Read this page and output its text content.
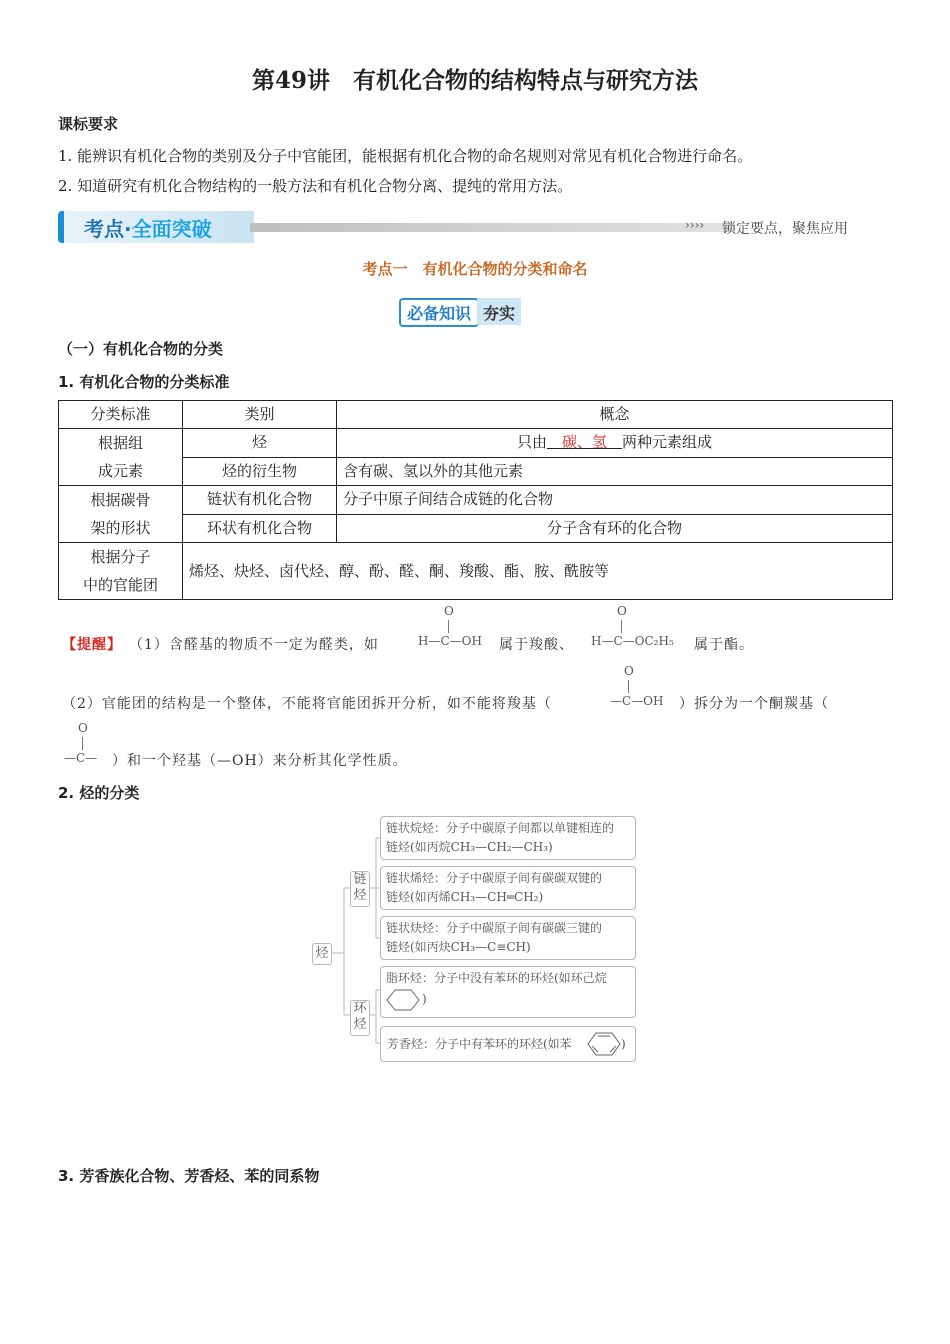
第49讲　有机化合物的结构特点与研究方法
课标要求
1. 能辨识有机化合物的类别及分子中官能团，能根据有机化合物的命名规则对常见有机化合物进行命名。
2. 知道研究有机化合物结构的一般方法和有机化合物分离、提纯的常用方法。
考点·全面突破	›››› 锁定要点，聚焦应用
考点一　有机化合物的分类和命名
必备知识 夯实
（一）有机化合物的分类
1. 有机化合物的分类标准
分类标准	类别	概念
根据组
成元素	烃	只由　碳、氢　两种元素组成
	烃的衍生物	含有碳、氢以外的其他元素
根据碳骨
架的形状	链状有机化合物	分子中原子间结合成链的化合物
	环状有机化合物	分子含有环的化合物
根据分子
中的官能团	烯烃、炔烃、卤代烃、醇、酚、醛、酮、羧酸、酯、胺、酰胺等	
【提醒】 （1）含醛基的物质不一定为醛类，如
O
H—C—OH 属于羧酸、
O
H—C—OC₂H₅ 属于酯。
（2）官能团的结构是一个整体，不能将官能团拆开分析，如不能将羧基（
O
—C—OH ）拆分为一个酮羰基（
O
—C— ）和一个羟基（—OH）来分析其化学性质。
2. 烃的分类
烃
链烃
环烃
链状烷烃：分子中碳原子间都以单键相连的
链烃(如丙烷CH₃—CH₂—CH₃)
链状烯烃：分子中碳原子间有碳碳双键的
链烃(如丙烯CH₃—CH═CH₂)
链状炔烃：分子中碳原子间有碳碳三键的
链烃(如丙炔CH₃—C≡CH)
脂环烃：分子中没有苯环的环烃(如环己烷
)
芳香烃：分子中有苯环的环烃(如苯	)
3. 芳香族化合物、芳香烃、苯的同系物
